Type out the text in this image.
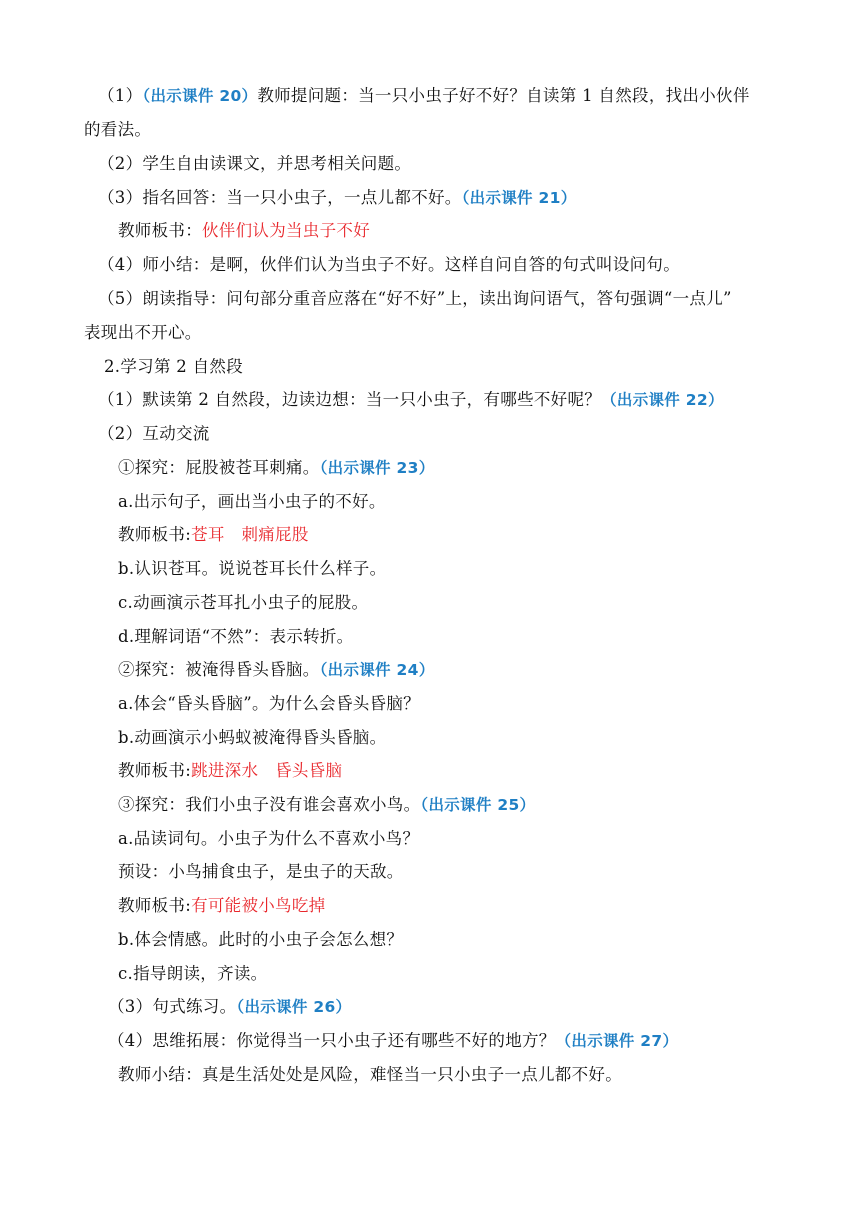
（1）（出示课件 20）教师提问题：当一只小虫子好不好？自读第 1 自然段，找出小伙伴
的看法。
（2）学生自由读课文，并思考相关问题。
（3）指名回答：当一只小虫子，一点儿都不好。（出示课件 21）
教师板书：伙伴们认为当虫子不好
（4）师小结：是啊，伙伴们认为当虫子不好。这样自问自答的句式叫设问句。
（5）朗读指导：问句部分重音应落在“好不好”上，读出询问语气，答句强调“一点儿”
表现出不开心。
2.学习第 2 自然段
（1）默读第 2 自然段，边读边想：当一只小虫子，有哪些不好呢？（出示课件 22）
（2）互动交流
①探究：屁股被苍耳刺痛。（出示课件 23）
a.出示句子，画出当小虫子的不好。
教师板书:苍耳　刺痛屁股
b.认识苍耳。说说苍耳长什么样子。
c.动画演示苍耳扎小虫子的屁股。
d.理解词语“不然”：表示转折。
②探究：被淹得昏头昏脑。（出示课件 24）
a.体会“昏头昏脑”。为什么会昏头昏脑？
b.动画演示小蚂蚁被淹得昏头昏脑。
教师板书:跳进深水　昏头昏脑
③探究：我们小虫子没有谁会喜欢小鸟。（出示课件 25）
a.品读词句。小虫子为什么不喜欢小鸟？
预设：小鸟捕食虫子，是虫子的天敌。
教师板书:有可能被小鸟吃掉
b.体会情感。此时的小虫子会怎么想？
c.指导朗读，齐读。
（3）句式练习。（出示课件 26）
（4）思维拓展：你觉得当一只小虫子还有哪些不好的地方？（出示课件 27）
教师小结：真是生活处处是风险，难怪当一只小虫子一点儿都不好。
